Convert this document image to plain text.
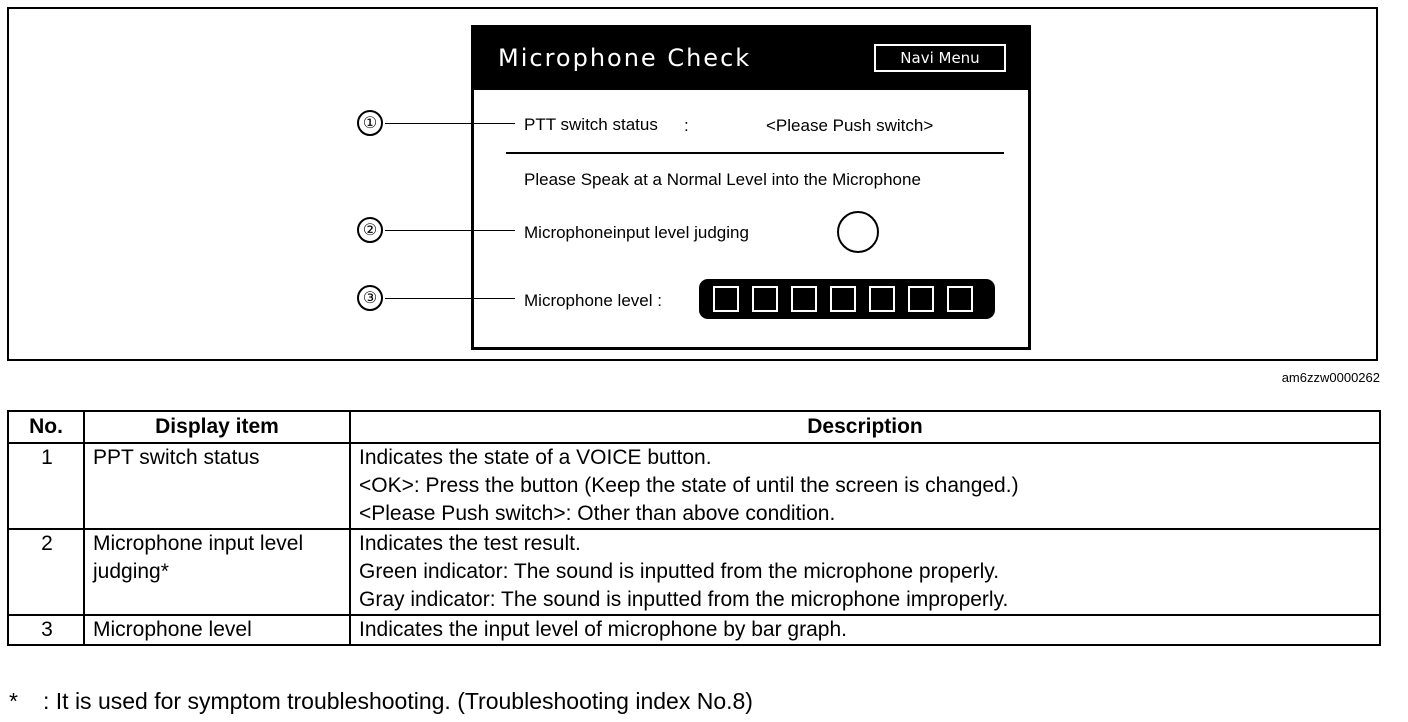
Microphone Check	Navi Menu
PTT switch status :	<Please Push switch>
Please Speak at a Normal Level into the Microphone
Microphoneinput level judging
Microphone level :
①
②
③
am6zzw0000262
No.	Display item	Description
1	PPT switch status	Indicates the state of a VOICE button.
<OK>: Press the button (Keep the state of until the screen is changed.)
<Please Push switch>: Other than above condition.

2	Microphone input level judging*	Indicates the test result.
Green indicator: The sound is inputted from the microphone properly.
Gray indicator: The sound is inputted from the microphone improperly.

3	Microphone level	Indicates the input level of microphone by bar graph.
* : It is used for symptom troubleshooting. (Troubleshooting index No.8)
